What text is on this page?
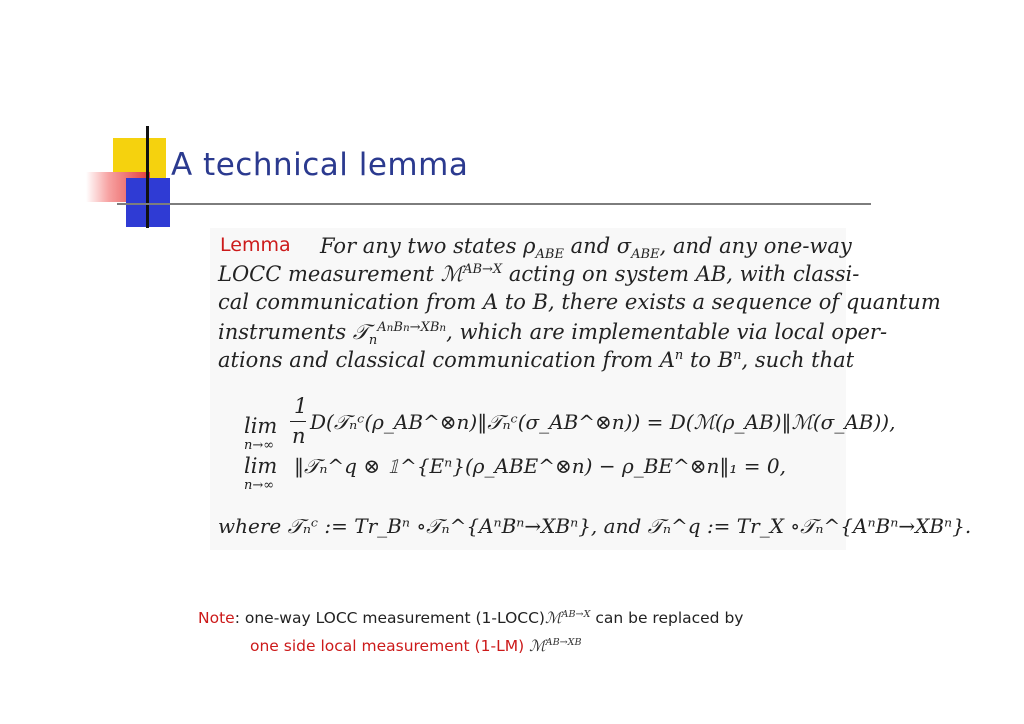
A technical lemma
Lemma For any two states $\rho_{ABE}$ and $\sigma_{ABE}$, and any one-way
LOCC measurement ℳ$^{AB\to X}$ acting on system AB, with classi-
cal communication from A to B, there exists a sequence of quantum
instruments 𝒯$_n^{AnBn\to XBn}$, which are implementable via local oper-
ations and classical communication from $A^n$ to $B^n$, such that
lim
n→∞
1
n
D(𝒯ₙᶜ(ρ_AB^⊗n)‖𝒯ₙᶜ(σ_AB^⊗n)) = D(ℳ(ρ_AB)‖ℳ(σ_AB)),
lim
n→∞
‖𝒯ₙ^q ⊗ 𝟙^{Eⁿ}(ρ_ABE^⊗n) − ρ_BE^⊗n‖₁ = 0,
where 𝒯ₙᶜ := Tr_Bⁿ ∘𝒯ₙ^{AⁿBⁿ→XBⁿ}, and 𝒯ₙ^q := Tr_X ∘𝒯ₙ^{AⁿBⁿ→XBⁿ}.
Note: one-way LOCC measurement (1-LOCC)ℳ$^{AB\to X}$ can be replaced by
one side local measurement (1-LM) ℳ$^{AB\to XB}$
